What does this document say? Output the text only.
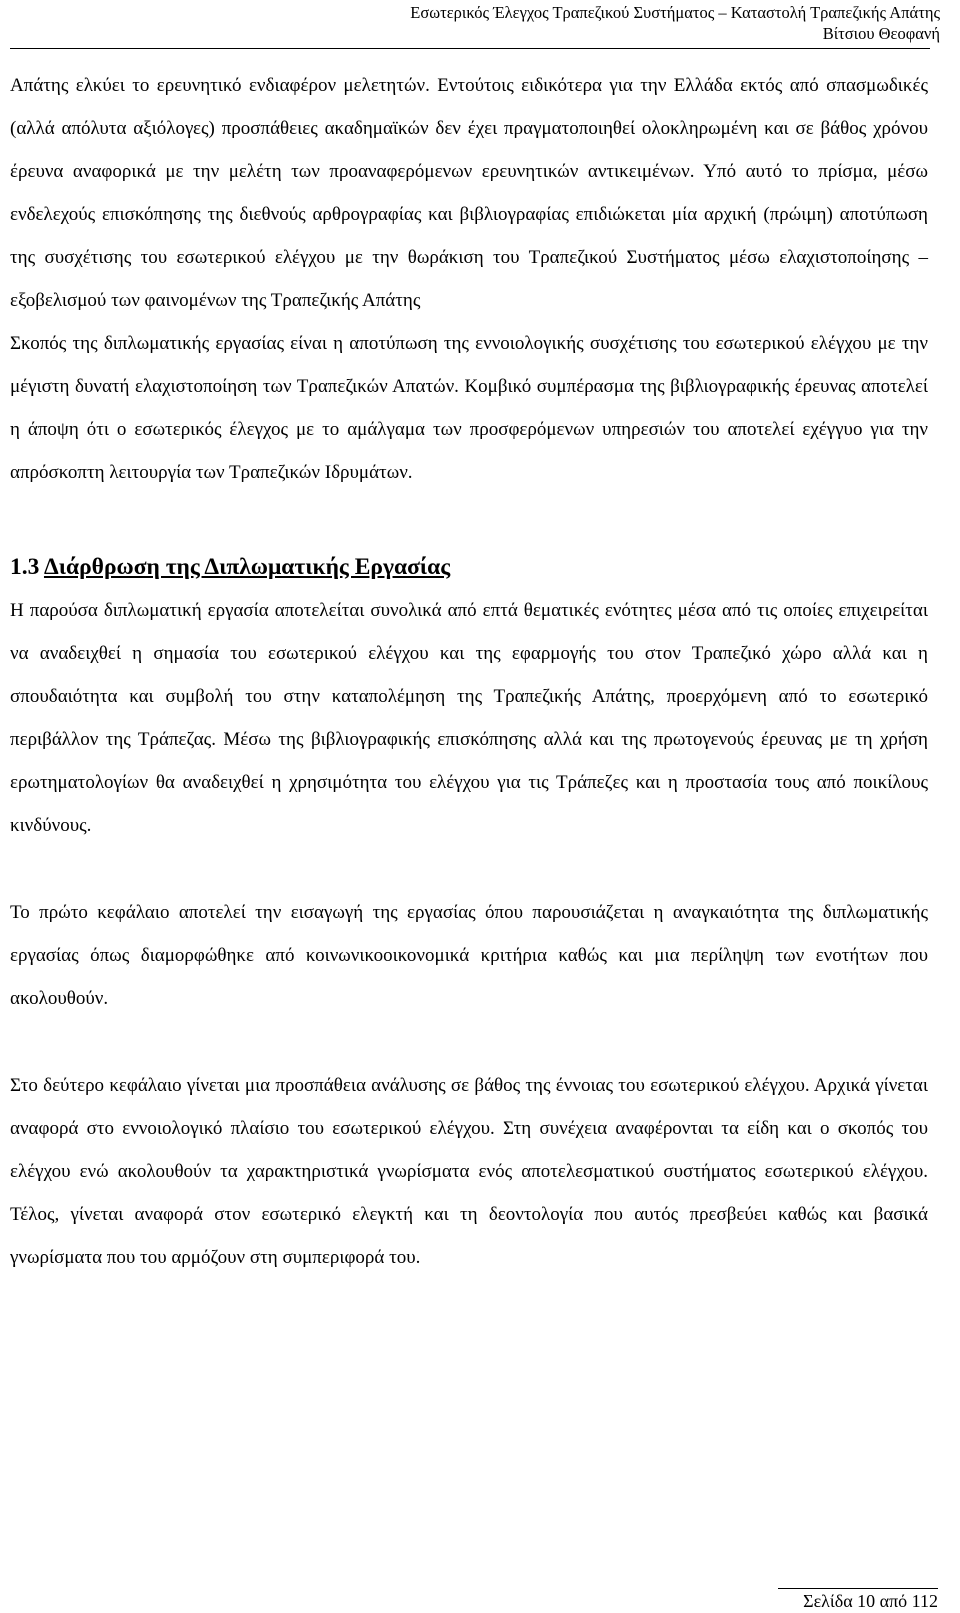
Εσωτερικός Έλεγχος Τραπεζικού Συστήματος – Καταστολή Τραπεζικής Απάτης
Βίτσιου Θεοφανή

Απάτης ελκύει το ερευνητικό ενδιαφέρον μελετητών. Εντούτοις ειδικότερα για την Ελλάδα εκτός από σπασμωδικές (αλλά απόλυτα αξιόλογες) προσπάθειες ακαδημαϊκών δεν έχει πραγματοποιηθεί ολοκληρωμένη και σε βάθος χρόνου έρευνα αναφορικά με την μελέτη των προαναφερόμενων ερευνητικών αντικειμένων. Υπό αυτό το πρίσμα, μέσω ενδελεχούς επισκόπησης της διεθνούς αρθρογραφίας και βιβλιογραφίας επιδιώκεται μία αρχική (πρώιμη) αποτύπωση της συσχέτισης του εσωτερικού ελέγχου με την θωράκιση του Τραπεζικού Συστήματος μέσω ελαχιστοποίησης – εξοβελισμού των φαινομένων της Τραπεζικής Απάτης

Σκοπός της διπλωματικής εργασίας είναι η αποτύπωση της εννοιολογικής συσχέτισης του εσωτερικού ελέγχου με την μέγιστη δυνατή ελαχιστοποίηση των Τραπεζικών Απατών. Κομβικό συμπέρασμα της βιβλιογραφικής έρευνας αποτελεί η άποψη ότι ο εσωτερικός έλεγχος με το αμάλγαμα των προσφερόμενων υπηρεσιών του αποτελεί εχέγγυο για την απρόσκοπτη λειτουργία των Τραπεζικών Ιδρυμάτων.

1.3 Διάρθρωση της Διπλωματικής Εργασίας

Η παρούσα διπλωματική εργασία αποτελείται συνολικά από επτά θεματικές ενότητες μέσα από τις οποίες επιχειρείται να αναδειχθεί η σημασία του εσωτερικού ελέγχου και της εφαρμογής του στον Τραπεζικό χώρο αλλά και η σπουδαιότητα και συμβολή του στην καταπολέμηση της Τραπεζικής Απάτης, προερχόμενη από το εσωτερικό περιβάλλον της Τράπεζας. Μέσω της βιβλιογραφικής επισκόπησης αλλά και της πρωτογενούς έρευνας με τη χρήση ερωτηματολογίων θα αναδειχθεί η χρησιμότητα του ελέγχου για τις Τράπεζες και η προστασία τους από ποικίλους κινδύνους.

Το πρώτο κεφάλαιο αποτελεί την εισαγωγή της εργασίας όπου παρουσιάζεται η αναγκαιότητα της διπλωματικής εργασίας όπως διαμορφώθηκε από κοινωνικοοικονομικά κριτήρια καθώς και μια περίληψη των ενοτήτων που ακολουθούν.

Στο δεύτερο κεφάλαιο γίνεται μια προσπάθεια ανάλυσης σε βάθος της έννοιας του εσωτερικού ελέγχου. Αρχικά γίνεται αναφορά στο εννοιολογικό πλαίσιο του εσωτερικού ελέγχου. Στη συνέχεια αναφέρονται τα είδη και ο σκοπός του ελέγχου ενώ ακολουθούν τα χαρακτηριστικά γνωρίσματα ενός αποτελεσματικού συστήματος εσωτερικού ελέγχου. Τέλος, γίνεται αναφορά στον εσωτερικό ελεγκτή και τη δεοντολογία που αυτός πρεσβεύει καθώς και βασικά γνωρίσματα που του αρμόζουν στη συμπεριφορά του.

Σελίδα 10 από 112
